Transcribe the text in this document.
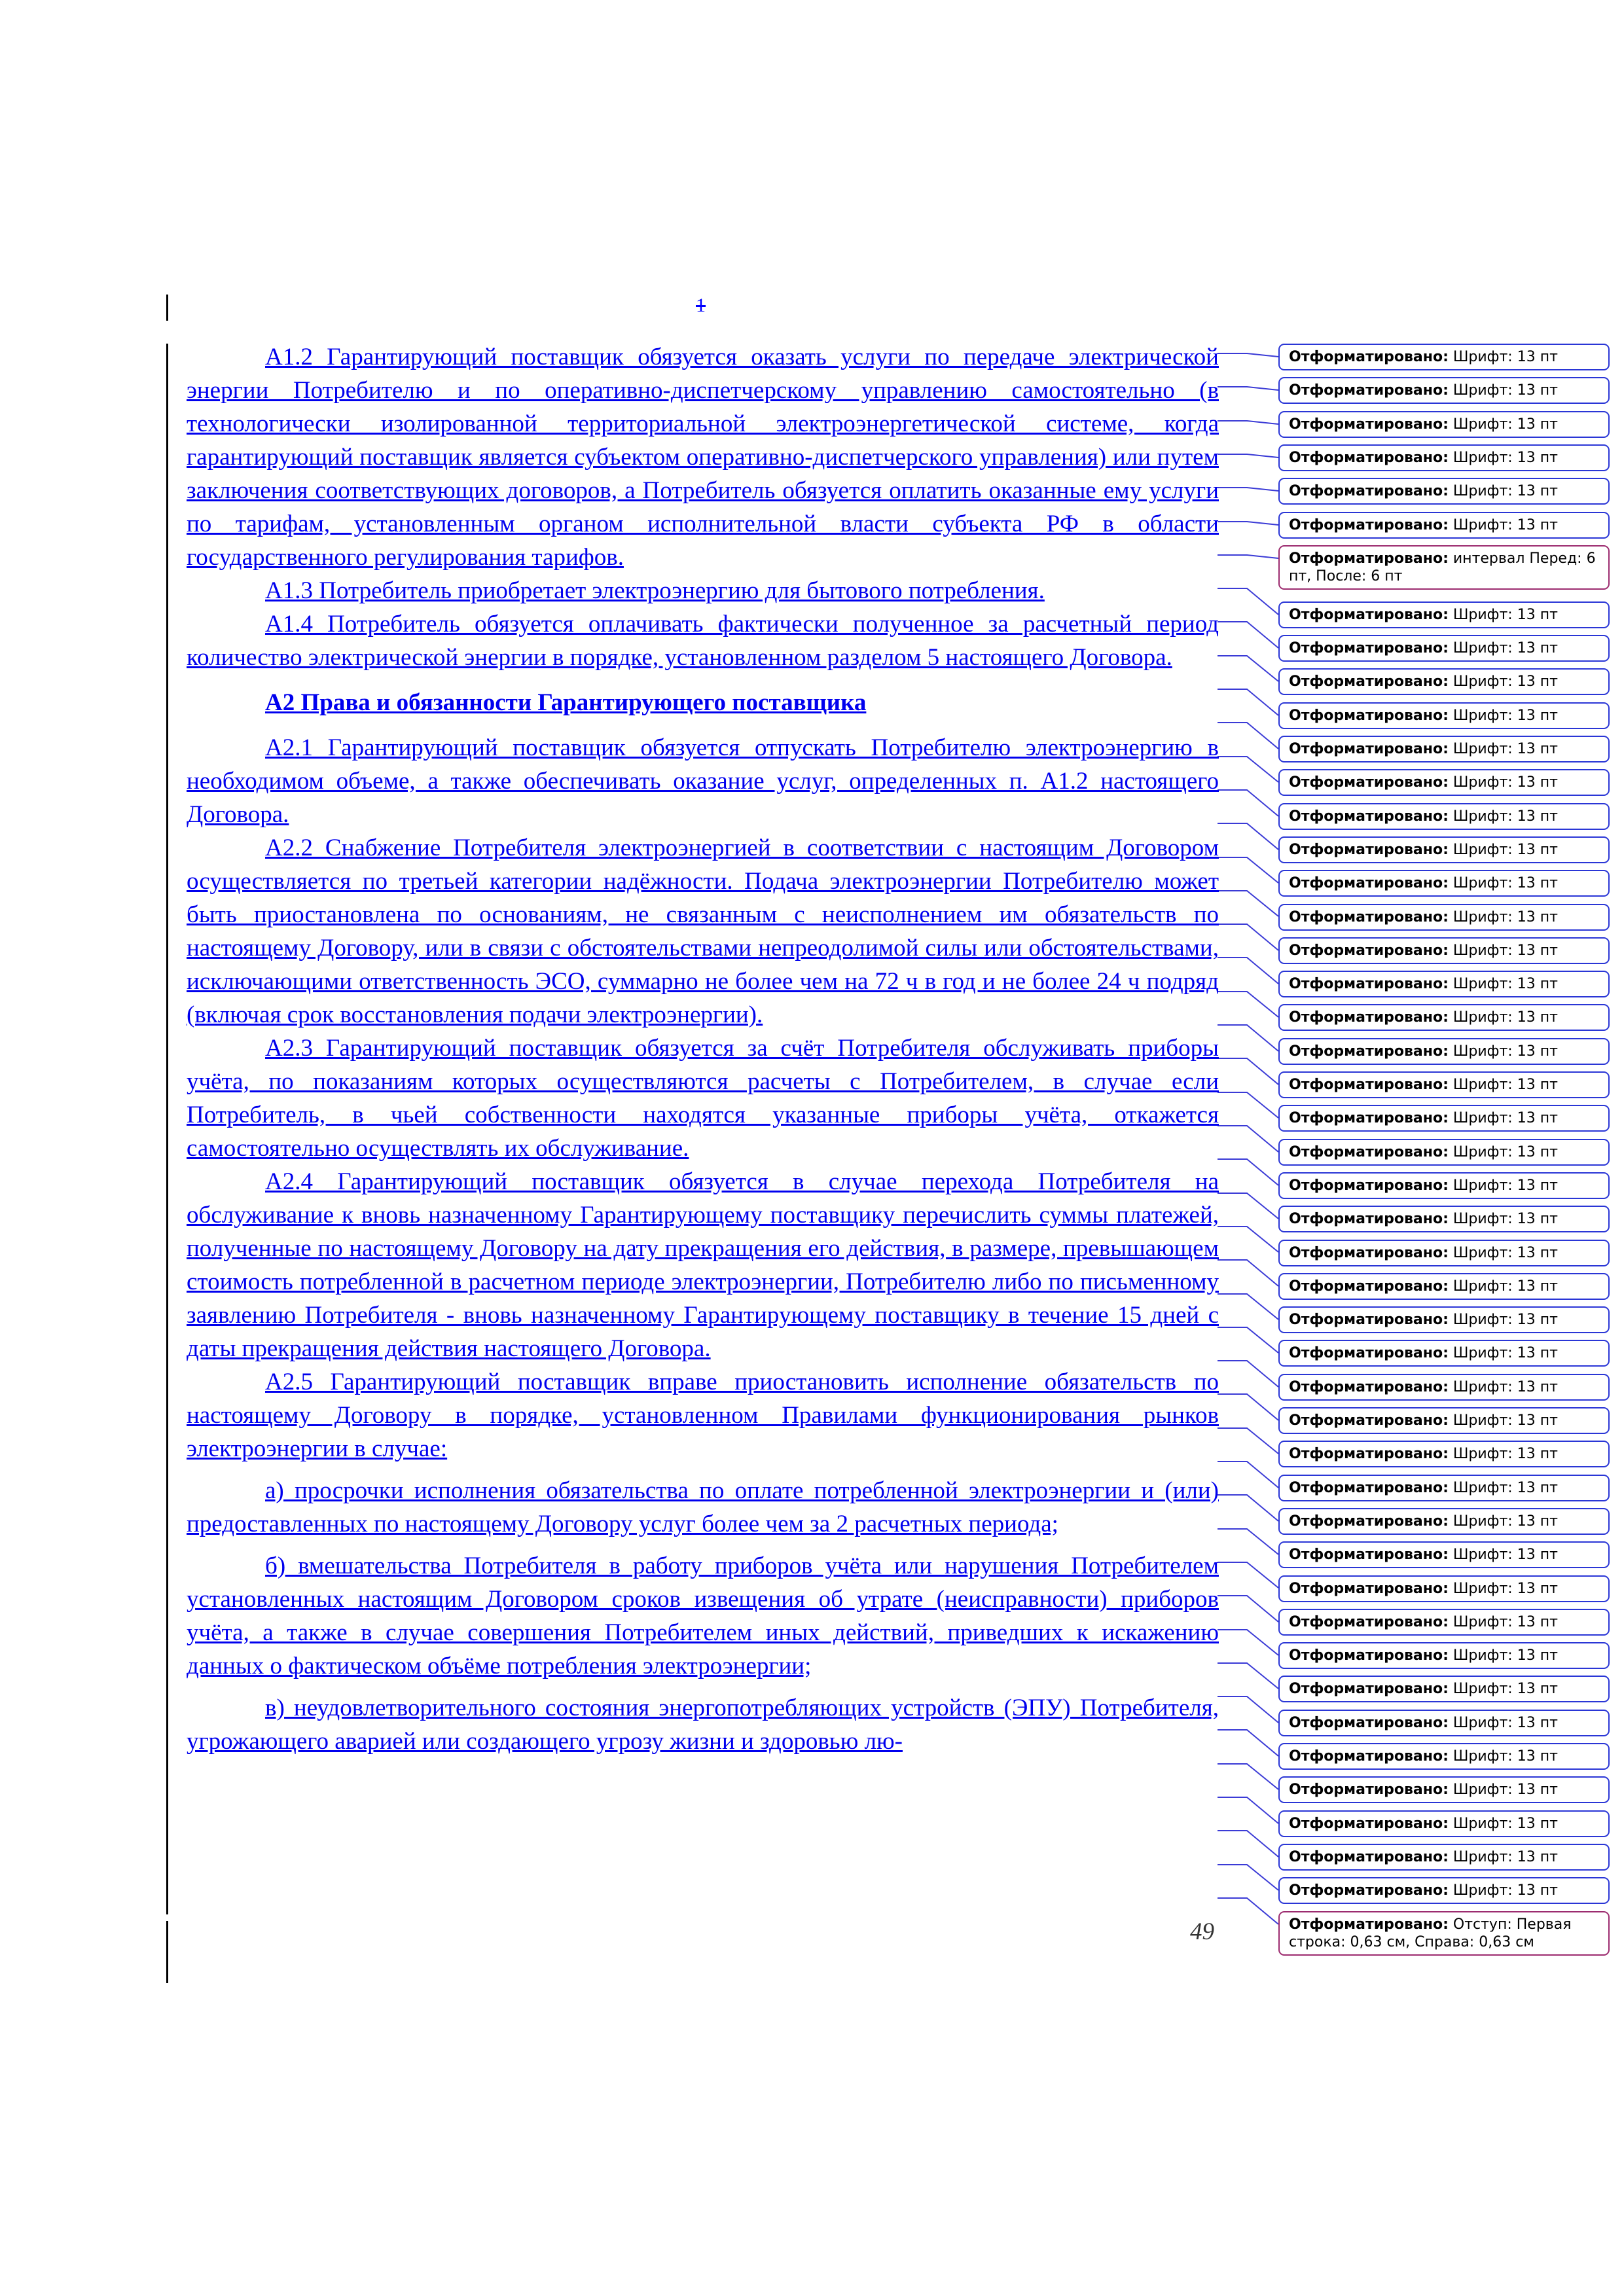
1

А1.2 Гарантирующий поставщик обязуется оказать услуги по передаче электрической энергии Потребителю и по оперативно-диспетчерскому управлению самостоятельно (в технологически изолированной территориальной электроэнергетической системе, когда гарантирующий поставщик является субъектом оперативно-диспетчерского управления) или путем заключения соответствующих договоров, а Потребитель обязуется оплатить оказанные ему услуги по тарифам, установленным органом исполнительной власти субъекта РФ в области государственного регулирования тарифов.

А1.3 Потребитель приобретает электроэнергию для бытового потребления.

А1.4 Потребитель обязуется оплачивать фактически полученное за расчетный период количество электрической энергии в порядке, установленном разделом 5 настоящего Договора.

А2 Права и обязанности Гарантирующего поставщика

А2.1 Гарантирующий поставщик обязуется отпускать Потребителю электроэнергию в необходимом объеме, а также обеспечивать оказание услуг, определенных п. А1.2 настоящего Договора.

А2.2 Снабжение Потребителя электроэнергией в соответствии с настоящим Договором осуществляется по третьей категории надёжности. Подача электроэнергии Потребителю может быть приостановлена по основаниям, не связанным с неисполнением им обязательств по настоящему Договору, или в связи с обстоятельствами непреодолимой силы или обстоятельствами, исключающими ответственность ЭСО, суммарно не более чем на 72 ч в год и не более 24 ч подряд (включая срок восстановления подачи электроэнергии).

А2.3 Гарантирующий поставщик обязуется за счёт Потребителя обслуживать приборы учёта, по показаниям которых осуществляются расчеты с Потребителем, в случае если Потребитель, в чьей собственности находятся указанные приборы учёта, откажется самостоятельно осуществлять их обслуживание.

А2.4 Гарантирующий поставщик обязуется в случае перехода Потребителя на обслуживание к вновь назначенному Гарантирующему поставщику перечислить суммы платежей, полученные по настоящему Договору на дату прекращения его действия, в размере, превышающем стоимость потребленной в расчетном периоде электроэнергии, Потребителю либо по письменному заявлению Потребителя - вновь назначенному Гарантирующему поставщику в течение 15 дней с даты прекращения действия настоящего Договора.

А2.5 Гарантирующий поставщик вправе приостановить исполнение обязательств по настоящему Договору в порядке, установленном Правилами функционирования рынков электроэнергии в случае:

а) просрочки исполнения обязательства по оплате потребленной электроэнергии и (или) предоставленных по настоящему Договору услуг более чем за 2 расчетных периода;

б) вмешательства Потребителя в работу приборов учёта или нарушения Потребителем установленных настоящим Договором сроков извещения об утрате (неисправности) приборов учёта, а также в случае совершения Потребителем иных действий, приведших к искажению данных о фактическом объёме потребления электроэнергии;

в) неудовлетворительного состояния энергопотребляющих устройств (ЭПУ) Потребителя, угрожающего аварией или создающего угрозу жизни и здоровью лю-

49
Отформатировано: Шрифт: 13 пт
Отформатировано: Шрифт: 13 пт
Отформатировано: Шрифт: 13 пт
Отформатировано: Шрифт: 13 пт
Отформатировано: Шрифт: 13 пт
Отформатировано: Шрифт: 13 пт
Отформатировано: интервал Перед: 6 пт, После: 6 пт
Отформатировано: Шрифт: 13 пт
Отформатировано: Шрифт: 13 пт
Отформатировано: Шрифт: 13 пт
Отформатировано: Шрифт: 13 пт
Отформатировано: Шрифт: 13 пт
Отформатировано: Шрифт: 13 пт
Отформатировано: Шрифт: 13 пт
Отформатировано: Шрифт: 13 пт
Отформатировано: Шрифт: 13 пт
Отформатировано: Шрифт: 13 пт
Отформатировано: Шрифт: 13 пт
Отформатировано: Шрифт: 13 пт
Отформатировано: Шрифт: 13 пт
Отформатировано: Шрифт: 13 пт
Отформатировано: Шрифт: 13 пт
Отформатировано: Шрифт: 13 пт
Отформатировано: Шрифт: 13 пт
Отформатировано: Шрифт: 13 пт
Отформатировано: Шрифт: 13 пт
Отформатировано: Шрифт: 13 пт
Отформатировано: Шрифт: 13 пт
Отформатировано: Шрифт: 13 пт
Отформатировано: Шрифт: 13 пт
Отформатировано: Шрифт: 13 пт
Отформатировано: Шрифт: 13 пт
Отформатировано: Шрифт: 13 пт
Отформатировано: Шрифт: 13 пт
Отформатировано: Шрифт: 13 пт
Отформатировано: Шрифт: 13 пт
Отформатировано: Шрифт: 13 пт
Отформатировано: Шрифт: 13 пт
Отформатировано: Шрифт: 13 пт
Отформатировано: Шрифт: 13 пт
Отформатировано: Шрифт: 13 пт
Отформатировано: Шрифт: 13 пт
Отформатировано: Шрифт: 13 пт
Отформатировано: Шрифт: 13 пт
Отформатировано: Шрифт: 13 пт
Отформатировано: Шрифт: 13 пт
Отформатировано: Отступ: Первая строка: 0,63 см, Справа: 0,63 см
